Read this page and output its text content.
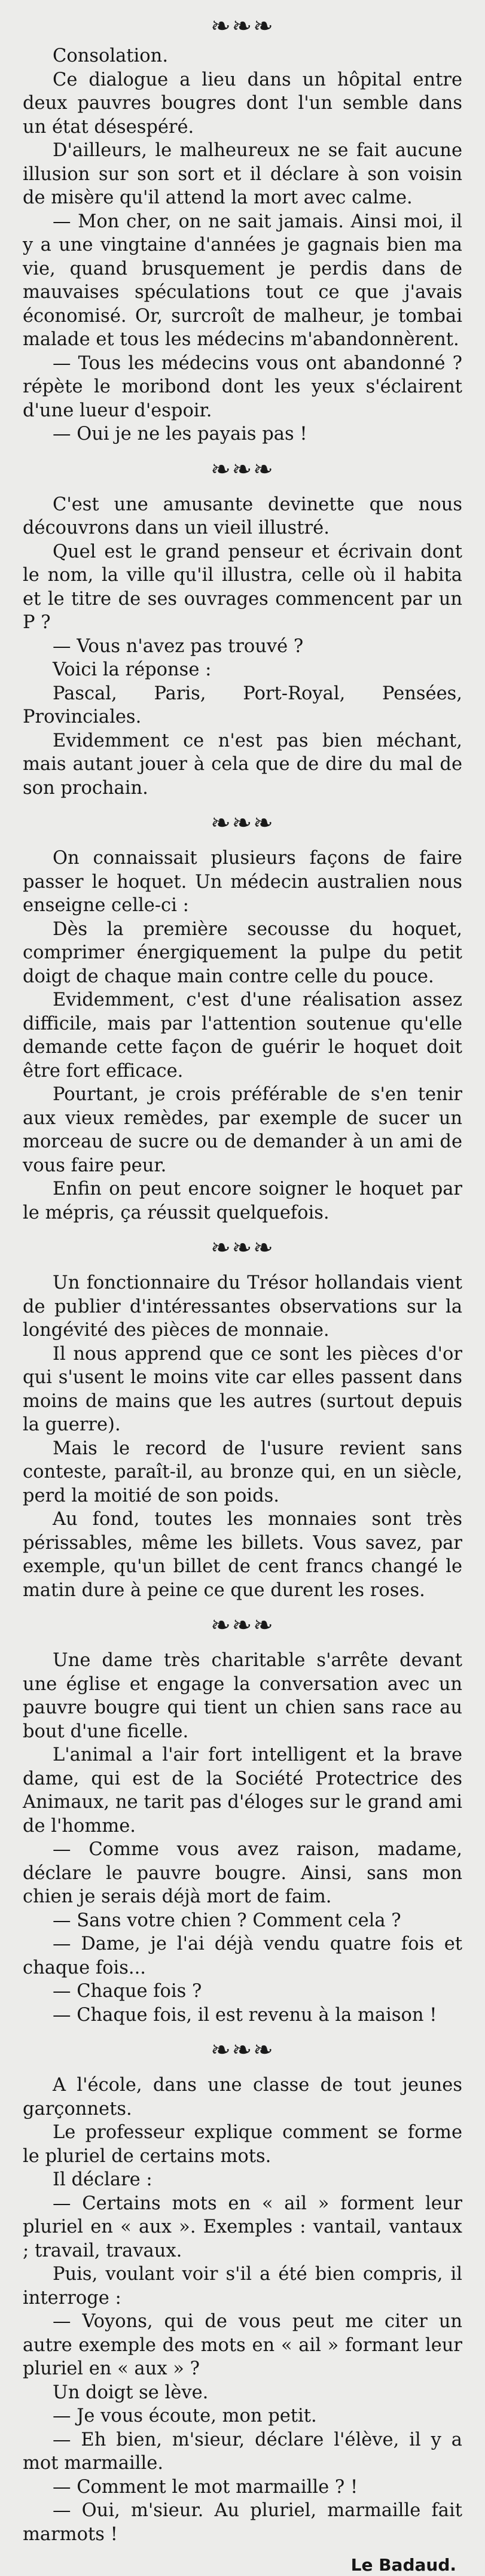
❧❧❧

Consolation.

Ce dialogue a lieu dans un hôpital entre deux pauvres bougres dont l'un semble dans un état désespéré.

D'ailleurs, le malheureux ne se fait aucune illusion sur son sort et il déclare à son voisin de misère qu'il attend la mort avec calme.

— Mon cher, on ne sait jamais. Ainsi moi, il y a une vingtaine d'années je gagnais bien ma vie, quand brusquement je perdis dans de mauvaises spéculations tout ce que j'avais économisé. Or, surcroît de malheur, je tombai malade et tous les médecins m'abandonnèrent.

— Tous les médecins vous ont abandonné ? répète le moribond dont les yeux s'éclairent d'une lueur d'espoir.

— Oui je ne les payais pas !

❧❧❧

C'est une amusante devinette que nous découvrons dans un vieil illustré.

Quel est le grand penseur et écrivain dont le nom, la ville qu'il illustra, celle où il habita et le titre de ses ouvrages commencent par un P ?

— Vous n'avez pas trouvé ?

Voici la réponse :

Pascal, Paris, Port-Royal, Pensées, Provinciales.

Evidemment ce n'est pas bien méchant, mais autant jouer à cela que de dire du mal de son prochain.

❧❧❧

On connaissait plusieurs façons de faire passer le hoquet. Un médecin australien nous enseigne celle-ci :

Dès la première secousse du hoquet, comprimer énergiquement la pulpe du petit doigt de chaque main contre celle du pouce.

Evidemment, c'est d'une réalisation assez difficile, mais par l'attention soutenue qu'elle demande cette façon de guérir le hoquet doit être fort efficace.

Pourtant, je crois préférable de s'en tenir aux vieux remèdes, par exemple de sucer un morceau de sucre ou de demander à un ami de vous faire peur.

Enfin on peut encore soigner le hoquet par le mépris, ça réussit quelquefois.

❧❧❧

Un fonctionnaire du Trésor hollandais vient de publier d'intéressantes observations sur la longévité des pièces de monnaie.

Il nous apprend que ce sont les pièces d'or qui s'usent le moins vite car elles passent dans moins de mains que les autres (surtout depuis la guerre).

Mais le record de l'usure revient sans conteste, paraît-il, au bronze qui, en un siècle, perd la moitié de son poids.

Au fond, toutes les monnaies sont très périssables, même les billets. Vous savez, par exemple, qu'un billet de cent francs changé le matin dure à peine ce que durent les roses.

❧❧❧

Une dame très charitable s'arrête devant une église et engage la conversation avec un pauvre bougre qui tient un chien sans race au bout d'une ficelle.

L'animal a l'air fort intelligent et la brave dame, qui est de la Société Protectrice des Animaux, ne tarit pas d'éloges sur le grand ami de l'homme.

— Comme vous avez raison, madame, déclare le pauvre bougre. Ainsi, sans mon chien je serais déjà mort de faim.

— Sans votre chien ? Comment cela ?

— Dame, je l'ai déjà vendu quatre fois et chaque fois...

— Chaque fois ?

— Chaque fois, il est revenu à la maison !

❧❧❧

A l'école, dans une classe de tout jeunes garçonnets.

Le professeur explique comment se forme le pluriel de certains mots.

Il déclare :

— Certains mots en « ail » forment leur pluriel en « aux ». Exemples : vantail, vantaux ; travail, travaux.

Puis, voulant voir s'il a été bien compris, il interroge :

— Voyons, qui de vous peut me citer un autre exemple des mots en « ail » formant leur pluriel en « aux » ?

Un doigt se lève.

— Je vous écoute, mon petit.

— Eh bien, m'sieur, déclare l'élève, il y a mot marmaille.

— Comment le mot marmaille ? !

— Oui, m'sieur. Au pluriel, marmaille fait marmots !

Le Badaud.
